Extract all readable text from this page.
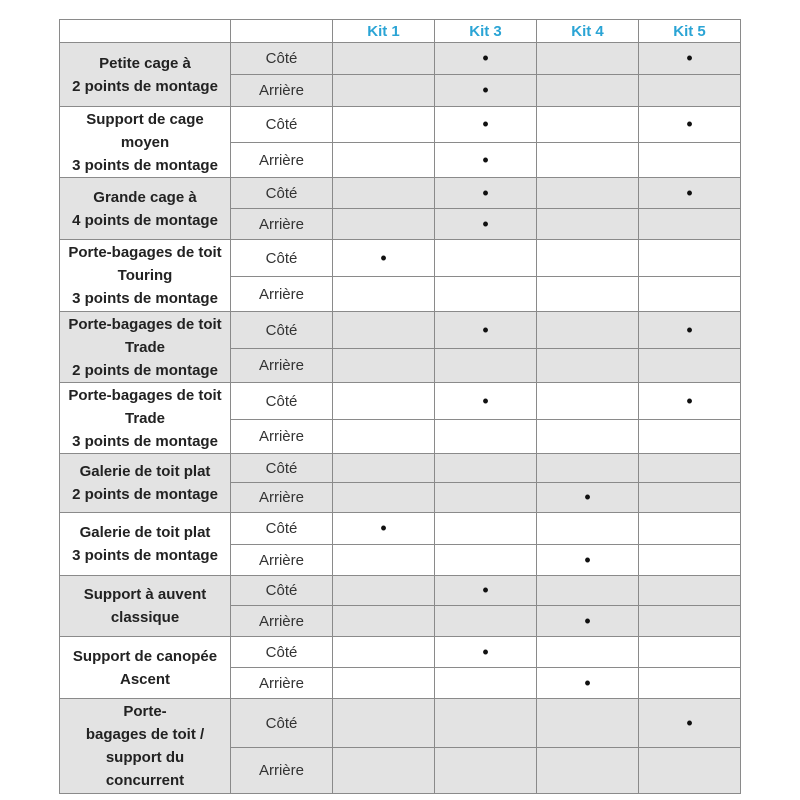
		Kit 1	Kit 3	Kit 4	Kit 5
Petite cage à
2 points de montage	Côté		•		•
	Arrière		•		
Support de cage
moyen
3 points de montage	Côté		•		•
	Arrière		•		
Grande cage à
4 points de montage	Côté		•		•
	Arrière		•		
Porte-bagages de toit
Touring
3 points de montage	Côté	•			
	Arrière				
Porte-bagages de toit
Trade
2 points de montage	Côté		•		•
	Arrière				
Porte-bagages de toit
Trade
3 points de montage	Côté		•		•
	Arrière				
Galerie de toit plat
2 points de montage	Côté				
	Arrière			•	
Galerie de toit plat
3 points de montage	Côté	•			
	Arrière			•	
Support à auvent
classique	Côté		•		
	Arrière			•	
Support de canopée
Ascent	Côté		•		
	Arrière			•	
Porte-
bagages de toit /
support du
concurrent	Côté				•
	Arrière				
